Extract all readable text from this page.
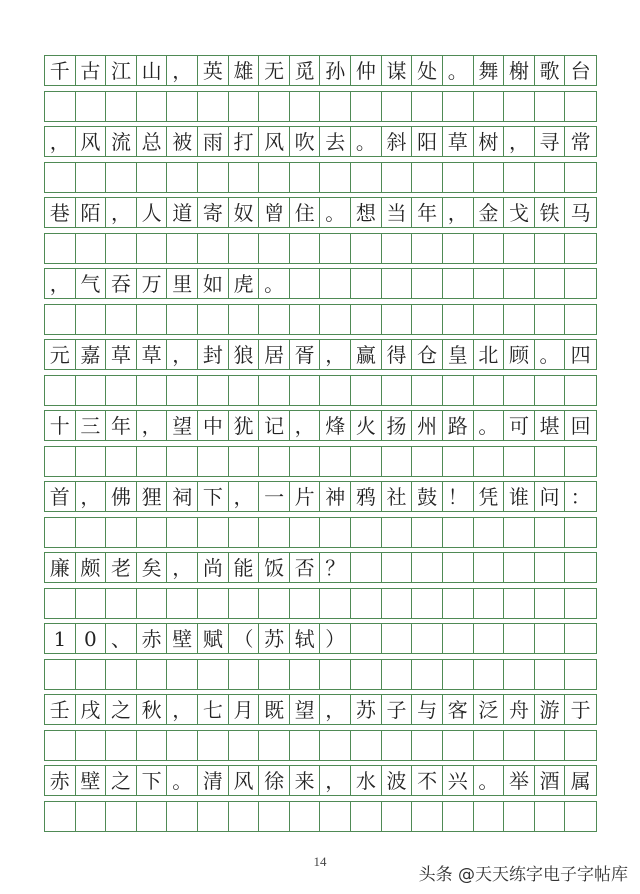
千 古 江 山 ， 英 雄 无 觅 孙 仲 谋 处 。 舞 榭 歌 台
， 风 流 总 被 雨 打 风 吹 去 。 斜 阳 草 树 ， 寻 常
巷 陌 ， 人 道 寄 奴 曾 住 。 想 当 年 ， 金 戈 铁 马
， 气 吞 万 里 如 虎 。
元 嘉 草 草 ， 封 狼 居 胥 ， 赢 得 仓 皇 北 顾 。 四
十 三 年 ， 望 中 犹 记 ， 烽 火 扬 州 路 。 可 堪 回
首 ， 佛 狸 祠 下 ， 一 片 神 鸦 社 鼓 ！ 凭 谁 问 ：
廉 颇 老 矣 ， 尚 能 饭 否 ？
1 0 、 赤 壁 赋 （ 苏 轼 ）
壬 戌 之 秋 ， 七 月 既 望 ， 苏 子 与 客 泛 舟 游 于
赤 壁 之 下 。 清 风 徐 来 ， 水 波 不 兴 。 举 酒 属
14
头条 @天天练字电子字帖库
